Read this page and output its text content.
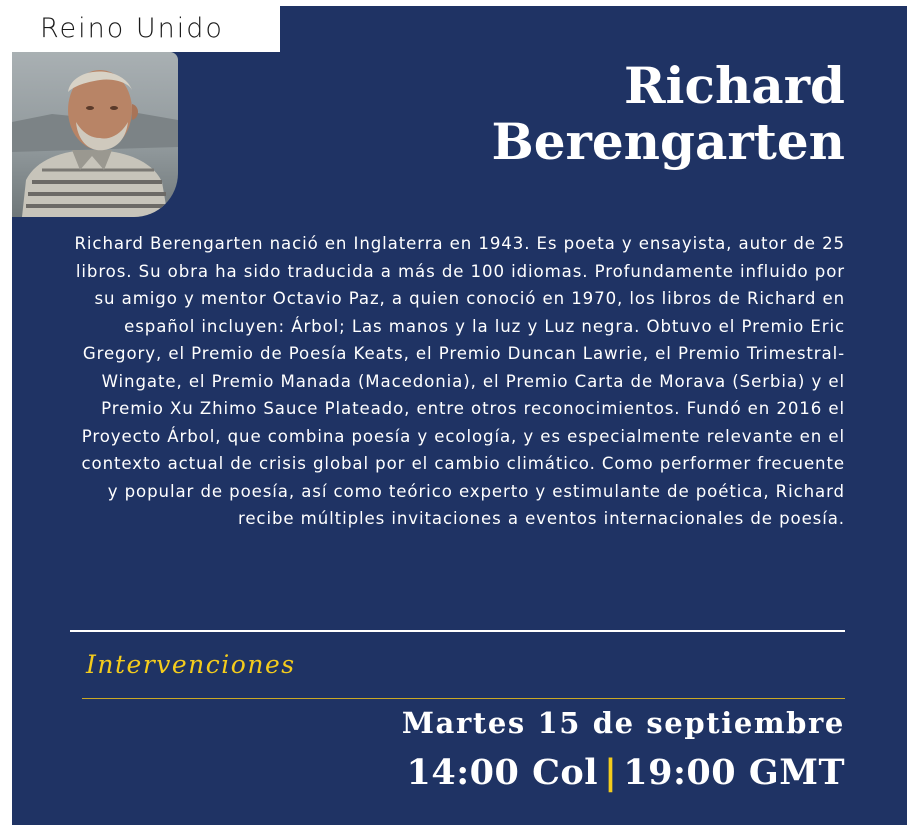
Reino Unido
Richard
Berengarten

Richard Berengarten nació en Inglaterra en 1943. Es poeta y ensayista, autor de 25 libros. Su obra ha sido traducida a más de 100 idiomas. Profundamente influido por su amigo y mentor Octavio Paz, a quien conoció en 1970, los libros de Richard en español incluyen: Árbol; Las manos y la luz y Luz negra. Obtuvo el Premio Eric Gregory, el Premio de Poesía Keats, el Premio Duncan Lawrie, el Premio Trimestral-Wingate, el Premio Manada (Macedonia), el Premio Carta de Morava (Serbia) y el Premio Xu Zhimo Sauce Plateado, entre otros reconocimientos. Fundó en 2016 el Proyecto Árbol, que combina poesía y ecología, y es especialmente relevante en el contexto actual de crisis global por el cambio climático. Como performer frecuente y popular de poesía, así como teórico experto y estimulante de poética, Richard recibe múltiples invitaciones a eventos internacionales de poesía.

Intervenciones
Martes 15 de septiembre
14:00 Col | 19:00 GMT
